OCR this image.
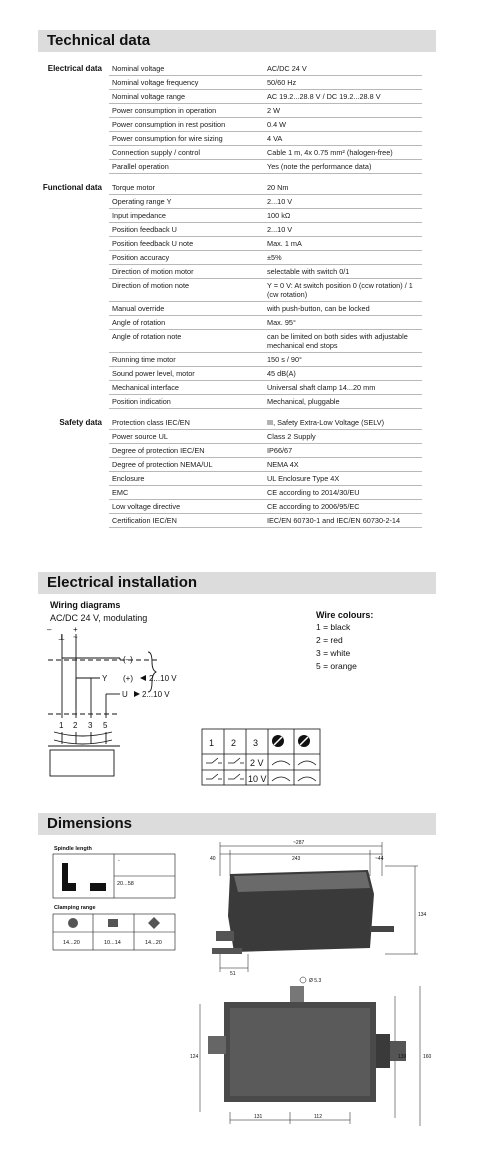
Technical data
Electrical data Nominal voltage	AC/DC 24 V
Nominal voltage frequency	50/60 Hz
Nominal voltage range	AC 19.2...28.8 V / DC 19.2...28.8 V
Power consumption in operation	2 W
Power consumption in rest position	0.4 W
Power consumption for wire sizing	4 VA
Connection supply / control	Cable 1 m, 4x 0.75 mm² (halogen-free)
Parallel operation	Yes (note the performance data)
Functional data Torque motor	20 Nm
Operating range Y	2...10 V
Input impedance	100 kΩ
Position feedback U	2...10 V
Position feedback U note	Max. 1 mA
Position accuracy	±5%
Direction of motion motor	selectable with switch 0/1
Direction of motion note	Y = 0 V: At switch position 0 (ccw rotation) / 1 (cw rotation)
Manual override	with push-button, can be locked
Angle of rotation	Max. 95°
Angle of rotation note	can be limited on both sides with adjustable mechanical end stops
Running time motor	150 s / 90°
Sound power level, motor	45 dB(A)
Mechanical interface	Universal shaft clamp 14...20 mm
Position indication	Mechanical, pluggable
Safety data Protection class IEC/EN	III, Safety Extra-Low Voltage (SELV)
Power source UL	Class 2 Supply
Degree of protection IEC/EN	IP66/67
Degree of protection NEMA/UL	NEMA 4X
Enclosure	UL Enclosure Type 4X
EMC	CE according to 2014/30/EU
Low voltage directive	CE according to 2006/95/EC
Certification IEC/EN	IEC/EN 60730-1 and IEC/EN 60730-2-14
Electrical installation
Wiring diagrams
AC/DC 24 V, modulating
–	+
⊥ ~
(–)
Y (+) 2...10 V
U 2...10 V
1 2 3 5
Wire colours:
1 = black
2 = red
3 = white
5 = orange
1 2 3
2 V
10 V
Dimensions
Spindle length
-
20...58
Clamping range
14...20	10...14	14...20
~287
40	243	~44
134
51
Ø 5.3
124	139	160
131	112
